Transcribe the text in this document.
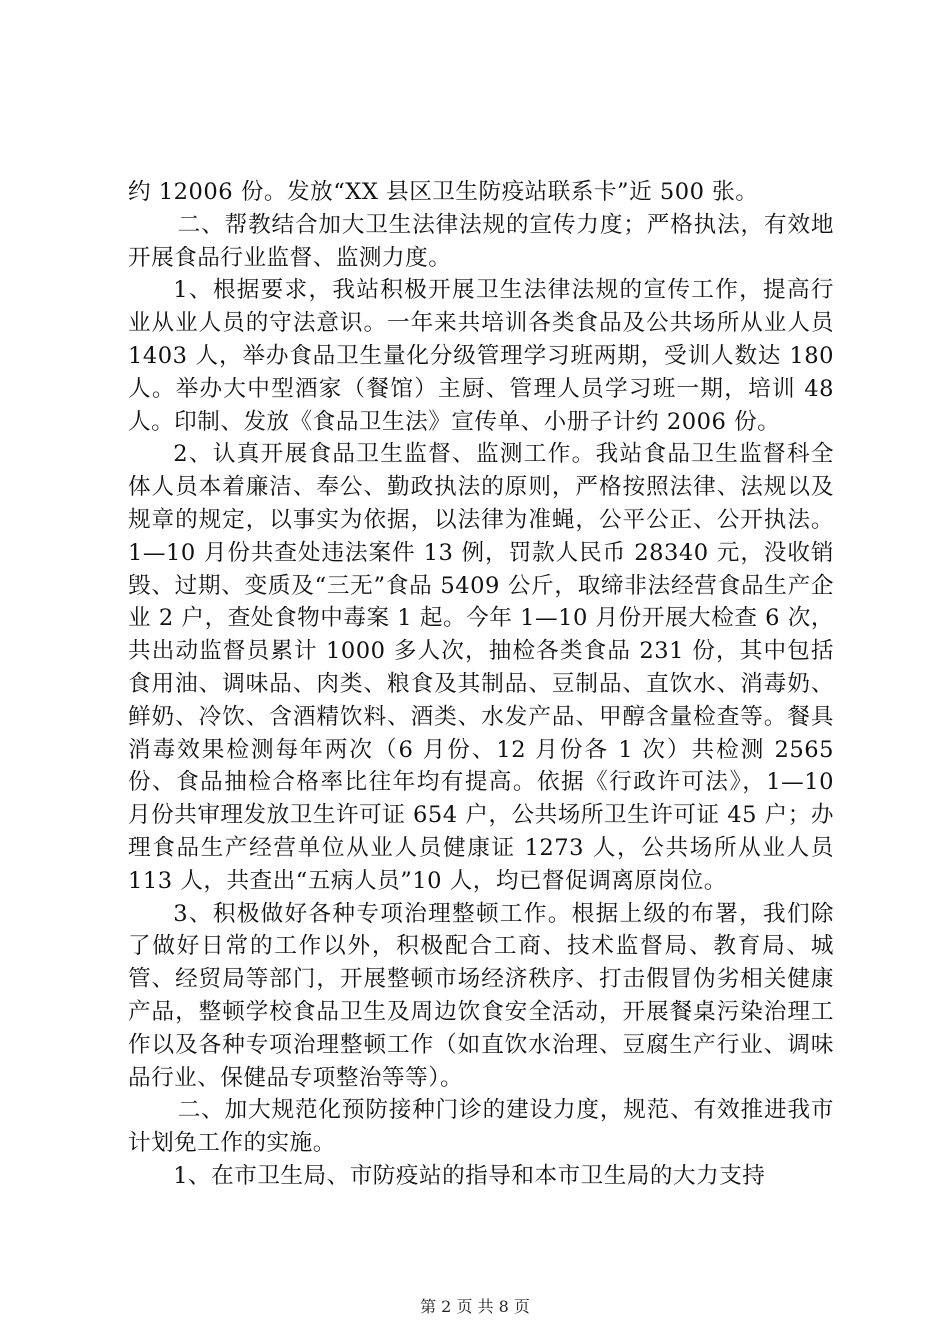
约 12006 份。发放“XX 县区卫生防疫站联系卡”近 500 张。

二、帮教结合加大卫生法律法规的宣传力度；严格执法，有效地开展食品行业监督、监测力度。

1、根据要求，我站积极开展卫生法律法规的宣传工作，提高行业从业人员的守法意识。一年来共培训各类食品及公共场所从业人员 1403 人，举办食品卫生量化分级管理学习班两期，受训人数达 180 人。举办大中型酒家（餐馆）主厨、管理人员学习班一期，培训 48 人。印制、发放《食品卫生法》宣传单、小册子计约 2006 份。

2、认真开展食品卫生监督、监测工作。我站食品卫生监督科全体人员本着廉洁、奉公、勤政执法的原则，严格按照法律、法规以及规章的规定，以事实为依据，以法律为准蝇，公平公正、公开执法。1—10 月份共查处违法案件 13 例，罚款人民币 28340 元，没收销毁、过期、变质及“三无”食品 5409 公斤，取缔非法经营食品生产企业 2 户，查处食物中毒案 1 起。今年 1—10 月份开展大检查 6 次，共出动监督员累计 1000 多人次，抽检各类食品 231 份，其中包括食用油、调味品、肉类、粮食及其制品、豆制品、直饮水、消毒奶、鲜奶、冷饮、含酒精饮料、酒类、水发产品、甲醇含量检查等。餐具消毒效果检测每年两次（6 月份、12 月份各 1 次）共检测 2565 份、食品抽检合格率比往年均有提高。依据《行政许可法》，1—10 月份共审理发放卫生许可证 654 户，公共场所卫生许可证 45 户；办理食品生产经营单位从业人员健康证 1273 人，公共场所从业人员 113 人，共查出“五病人员”10 人，均已督促调离原岗位。

3、积极做好各种专项治理整顿工作。根据上级的布署，我们除了做好日常的工作以外，积极配合工商、技术监督局、教育局、城管、经贸局等部门，开展整顿市场经济秩序、打击假冒伪劣相关健康产品，整顿学校食品卫生及周边饮食安全活动，开展餐桌污染治理工作以及各种专项治理整顿工作（如直饮水治理、豆腐生产行业、调味品行业、保健品专项整治等等）。

二、加大规范化预防接种门诊的建设力度，规范、有效推进我市计划免工作的实施。

1、在市卫生局、市防疫站的指导和本市卫生局的大力支持

第 2 页 共 8 页
